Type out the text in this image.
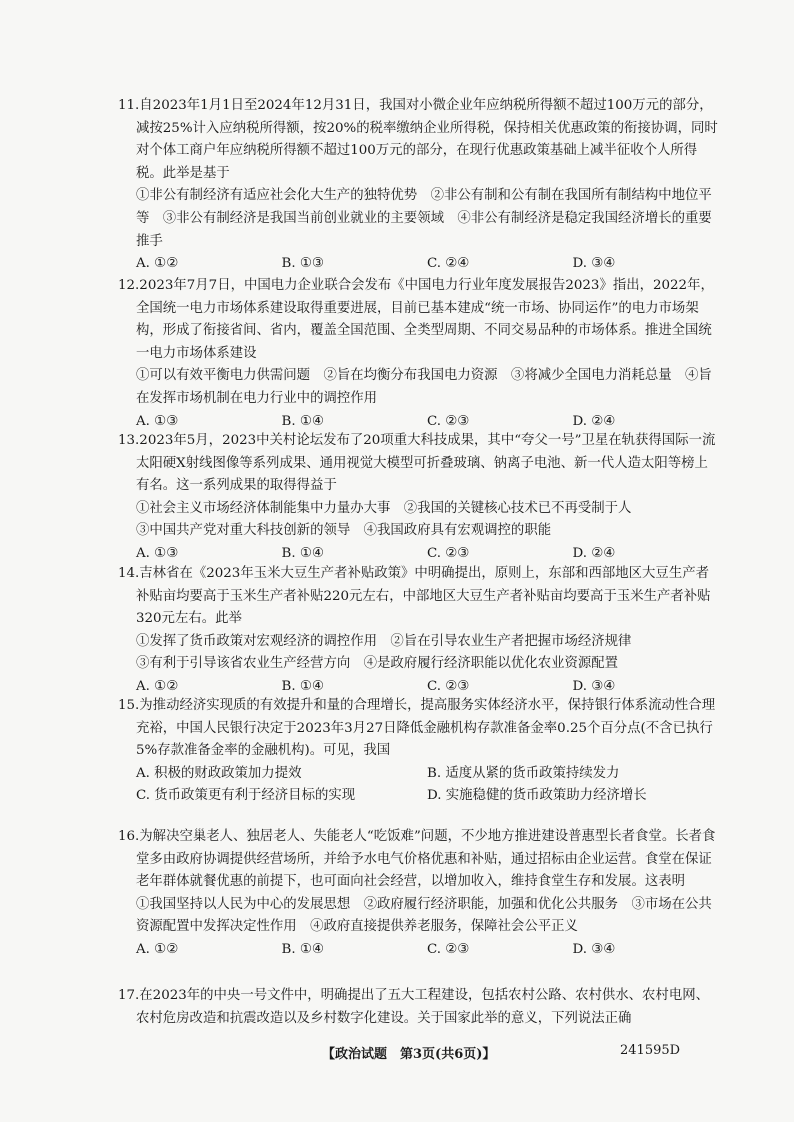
11.自2023年1月1日至2024年12月31日，我国对小微企业年应纳税所得额不超过100万元的部分，减按25%计入应纳税所得额，按20%的税率缴纳企业所得税，保持相关优惠政策的衔接协调，同时对个体工商户年应纳税所得额不超过100万元的部分，在现行优惠政策基础上减半征收个人所得税。此举是基于

①非公有制经济有适应社会化大生产的独特优势　②非公有制和公有制在我国所有制结构中地位平等　③非公有制经济是我国当前创业就业的主要领域　④非公有制经济是稳定我国经济增长的重要推手

A. ①②	B. ①③	C. ②④	D. ③④

12.2023年7月7日，中国电力企业联合会发布《中国电力行业年度发展报告2023》指出，2022年，全国统一电力市场体系建设取得重要进展，目前已基本建成“统一市场、协同运作”的电力市场架构，形成了衔接省间、省内，覆盖全国范围、全类型周期、不同交易品种的市场体系。推进全国统一电力市场体系建设

①可以有效平衡电力供需问题　②旨在均衡分布我国电力资源　③将减少全国电力消耗总量　④旨在发挥市场机制在电力行业中的调控作用

A. ①③	B. ①④	C. ②③	D. ②④

13.2023年5月，2023中关村论坛发布了20项重大科技成果，其中“夸父一号”卫星在轨获得国际一流太阳硬X射线图像等系列成果、通用视觉大模型可折叠玻璃、钠离子电池、新一代人造太阳等榜上有名。这一系列成果的取得得益于

①社会主义市场经济体制能集中力量办大事　②我国的关键核心技术已不再受制于人
③中国共产党对重大科技创新的领导　④我国政府具有宏观调控的职能

A. ①③	B. ①④	C. ②③	D. ②④

14.吉林省在《2023年玉米大豆生产者补贴政策》中明确提出，原则上，东部和西部地区大豆生产者补贴亩均要高于玉米生产者补贴220元左右，中部地区大豆生产者补贴亩均要高于玉米生产者补贴320元左右。此举

①发挥了货币政策对宏观经济的调控作用　②旨在引导农业生产者把握市场经济规律
③有利于引导该省农业生产经营方向　④是政府履行经济职能以优化农业资源配置

A. ①②	B. ①④	C. ②③	D. ③④

15.为推动经济实现质的有效提升和量的合理增长，提高服务实体经济水平，保持银行体系流动性合理充裕，中国人民银行决定于2023年3月27日降低金融机构存款准备金率0.25个百分点(不含已执行5%存款准备金率的金融机构)。可见，我国

A. 积极的财政政策加力提效	B. 适度从紧的货币政策持续发力
C. 货币政策更有利于经济目标的实现	D. 实施稳健的货币政策助力经济增长

16.为解决空巢老人、独居老人、失能老人“吃饭难”问题，不少地方推进建设普惠型长者食堂。长者食堂多由政府协调提供经营场所，并给予水电气价格优惠和补贴，通过招标由企业运营。食堂在保证老年群体就餐优惠的前提下，也可面向社会经营，以增加收入，维持食堂生存和发展。这表明

①我国坚持以人民为中心的发展思想　②政府履行经济职能，加强和优化公共服务　③市场在公共资源配置中发挥决定性作用　④政府直接提供养老服务，保障社会公平正义

A. ①②	B. ①④	C. ②③	D. ③④

17.在2023年的中央一号文件中，明确提出了五大工程建设，包括农村公路、农村供水、农村电网、农村危房改造和抗震改造以及乡村数字化建设。关于国家此举的意义，下列说法正确

【政治试题　第3页(共6页)】	241595D
